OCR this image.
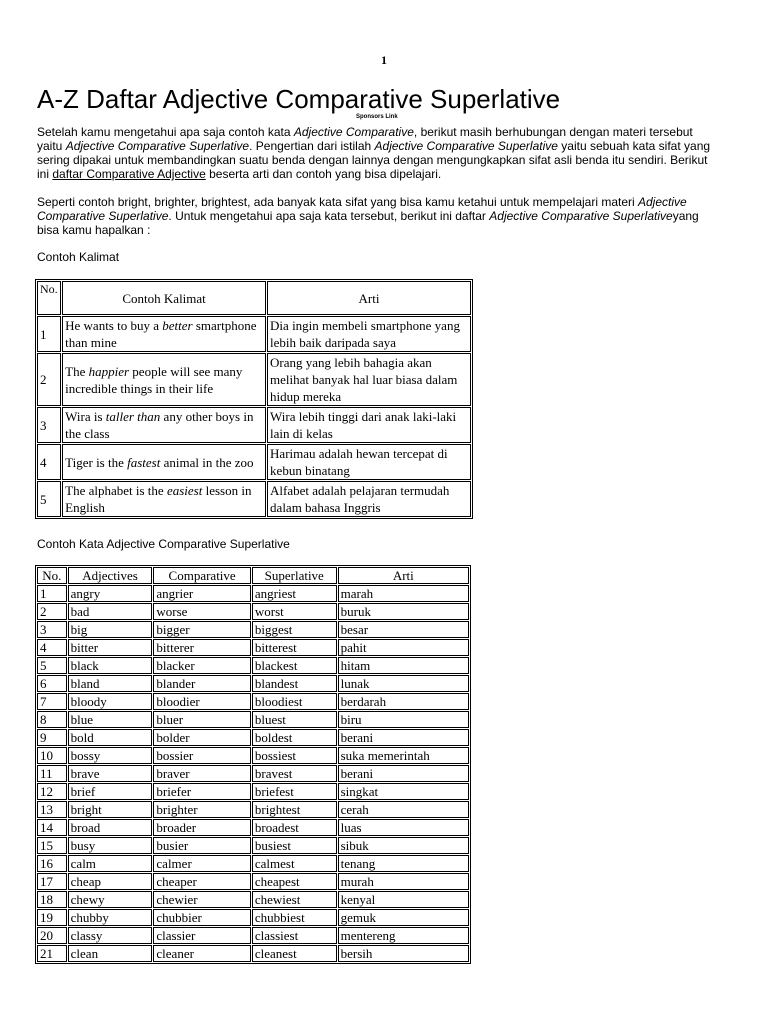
1
A-Z Daftar Adjective Comparative Superlative
Sponsors Link

Setelah kamu mengetahui apa saja contoh kata Adjective Comparative, berikut masih berhubungan dengan materi tersebut yaitu Adjective Comparative Superlative. Pengertian dari istilah Adjective Comparative Superlative yaitu sebuah kata sifat yang sering dipakai untuk membandingkan suatu benda dengan lainnya dengan mengungkapkan sifat asli benda itu sendiri. Berikut ini daftar Comparative Adjective beserta arti dan contoh yang bisa dipelajari.

Seperti contoh bright, brighter, brightest, ada banyak kata sifat yang bisa kamu ketahui untuk mempelajari materi Adjective Comparative Superlative. Untuk mengetahui apa saja kata tersebut, berikut ini daftar Adjective Comparative Superlativeyang bisa kamu hapalkan :

Contoh Kalimat

No.	Contoh Kalimat	Arti
1	He wants to buy a better smartphone than mine	Dia ingin membeli smartphone yang lebih baik daripada saya
2	The happier people will see many incredible things in their life	Orang yang lebih bahagia akan melihat banyak hal luar biasa dalam hidup mereka
3	Wira is taller than any other boys in the class	Wira lebih tinggi dari anak laki-laki lain di kelas
4	Tiger is the fastest animal in the zoo	Harimau adalah hewan tercepat di kebun binatang
5	The alphabet is the easiest lesson in English	Alfabet adalah pelajaran termudah dalam bahasa Inggris

Contoh Kata Adjective Comparative Superlative

No.	Adjectives	Comparative	Superlative	Arti
1	angry	angrier	angriest	marah
2	bad	worse	worst	buruk
3	big	bigger	biggest	besar
4	bitter	bitterer	bitterest	pahit
5	black	blacker	blackest	hitam
6	bland	blander	blandest	lunak
7	bloody	bloodier	bloodiest	berdarah
8	blue	bluer	bluest	biru
9	bold	bolder	boldest	berani
10	bossy	bossier	bossiest	suka memerintah
11	brave	braver	bravest	berani
12	brief	briefer	briefest	singkat
13	bright	brighter	brightest	cerah
14	broad	broader	broadest	luas
15	busy	busier	busiest	sibuk
16	calm	calmer	calmest	tenang
17	cheap	cheaper	cheapest	murah
18	chewy	chewier	chewiest	kenyal
19	chubby	chubbier	chubbiest	gemuk
20	classy	classier	classiest	mentereng
21	clean	cleaner	cleanest	bersih
